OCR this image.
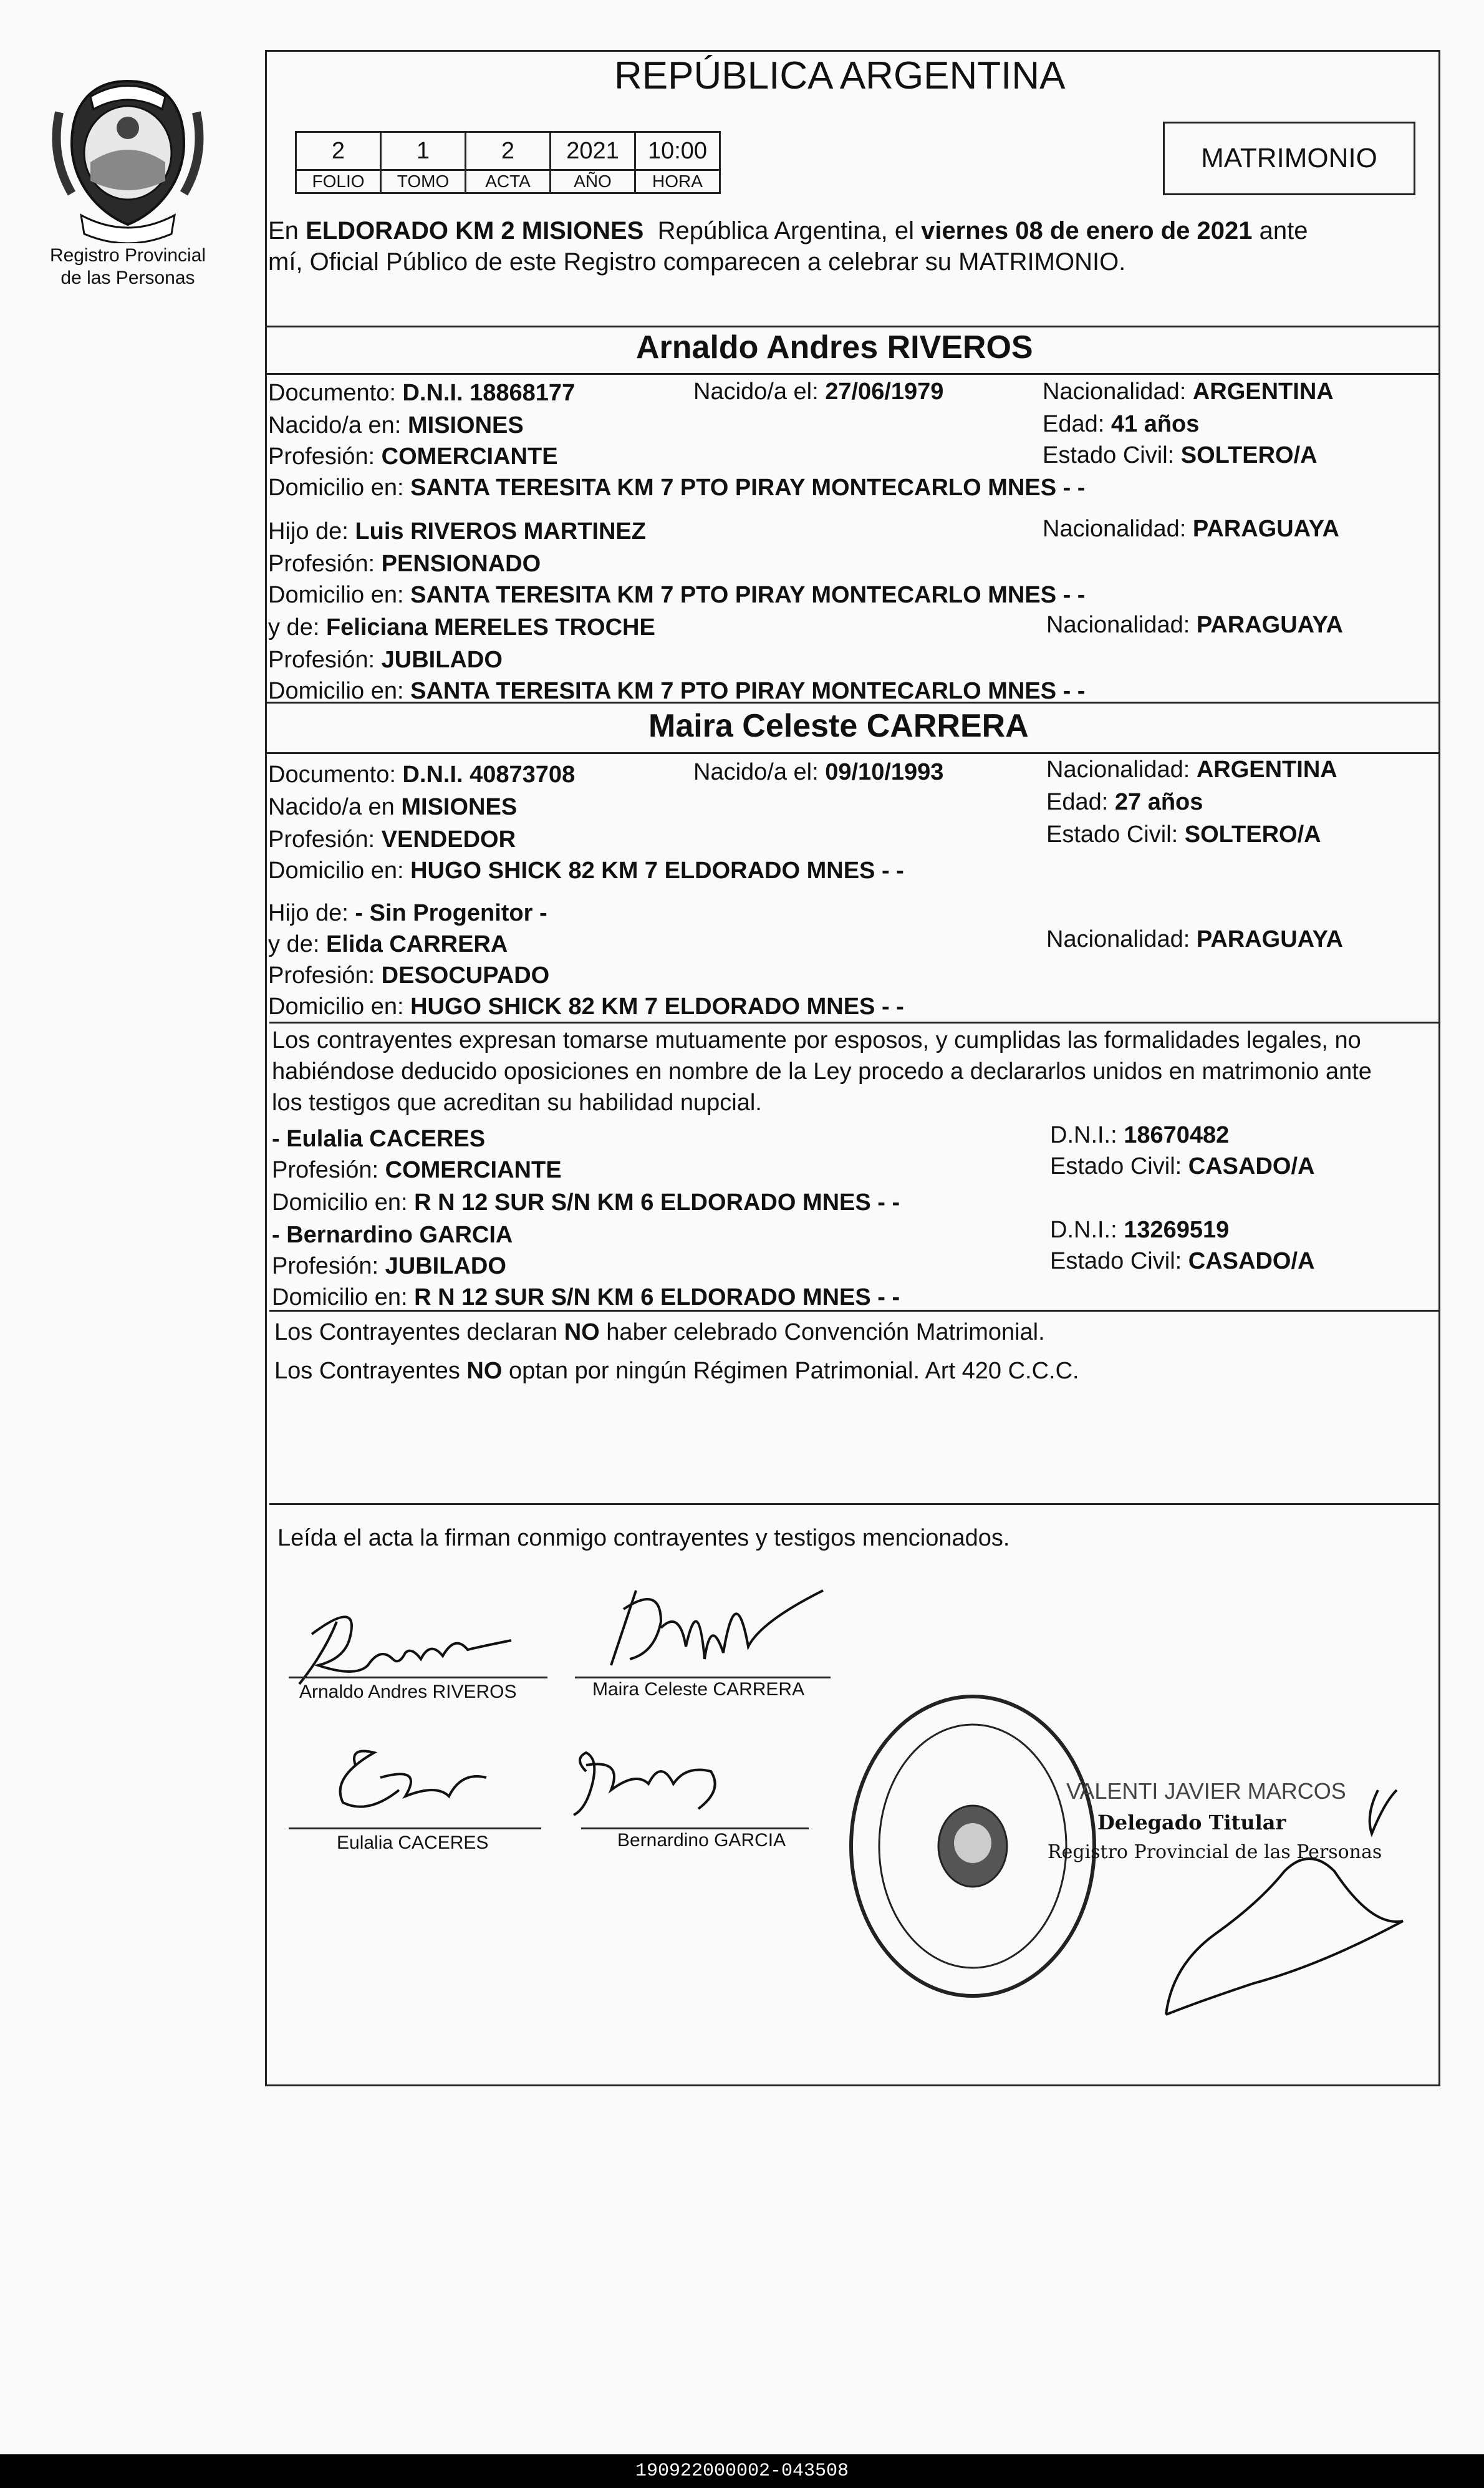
Registro Provincial
de las Personas
REPÚBLICA ARGENTINA
2	1	2	2021	10:00
FOLIO	TOMO	ACTA	AÑO	HORA
MATRIMONIO
En ELDORADO KM 2 MISIONES República Argentina, el viernes 08 de enero de 2021 ante
mí, Oficial Público de este Registro comparecen a celebrar su MATRIMONIO.
Arnaldo Andres RIVEROS
Documento: D.N.I. 18868177	Nacido/a el: 27/06/1979	Nacionalidad: ARGENTINA
Nacido/a en: MISIONES	Edad: 41 años
Profesión: COMERCIANTE	Estado Civil: SOLTERO/A
Domicilio en: SANTA TERESITA KM 7 PTO PIRAY MONTECARLO MNES - -
Hijo de: Luis RIVEROS MARTINEZ	Nacionalidad: PARAGUAYA
Profesión: PENSIONADO
Domicilio en: SANTA TERESITA KM 7 PTO PIRAY MONTECARLO MNES - -
y de: Feliciana MERELES TROCHE	Nacionalidad: PARAGUAYA
Profesión: JUBILADO
Domicilio en: SANTA TERESITA KM 7 PTO PIRAY MONTECARLO MNES - -
Maira Celeste CARRERA
Documento: D.N.I. 40873708	Nacido/a el: 09/10/1993	Nacionalidad: ARGENTINA
Nacido/a en MISIONES	Edad: 27 años
Profesión: VENDEDOR	Estado Civil: SOLTERO/A
Domicilio en: HUGO SHICK 82 KM 7 ELDORADO MNES - -
Hijo de: - Sin Progenitor -
y de: Elida CARRERA	Nacionalidad: PARAGUAYA
Profesión: DESOCUPADO
Domicilio en: HUGO SHICK 82 KM 7 ELDORADO MNES - -
Los contrayentes expresan tomarse mutuamente por esposos, y cumplidas las formalidades legales, no
habiéndose deducido oposiciones en nombre de la Ley procedo a declararlos unidos en matrimonio ante
los testigos que acreditan su habilidad nupcial.
- Eulalia CACERES	D.N.I.: 18670482
Profesión: COMERCIANTE	Estado Civil: CASADO/A
Domicilio en: R N 12 SUR S/N KM 6 ELDORADO MNES - -
- Bernardino GARCIA	D.N.I.: 13269519
Profesión: JUBILADO	Estado Civil: CASADO/A
Domicilio en: R N 12 SUR S/N KM 6 ELDORADO MNES - -
Los Contrayentes declaran NO haber celebrado Convención Matrimonial.
Los Contrayentes NO optan por ningún Régimen Patrimonial. Art 420 C.C.C.
Leída el acta la firman conmigo contrayentes y testigos mencionados.
Arnaldo Andres RIVEROS	Maira Celeste CARRERA
Eulalia CACERES	Bernardino GARCIA
VALENTI JAVIER MARCOS
Delegado Titular
Registro Provincial de las Personas
190922000002-043508
